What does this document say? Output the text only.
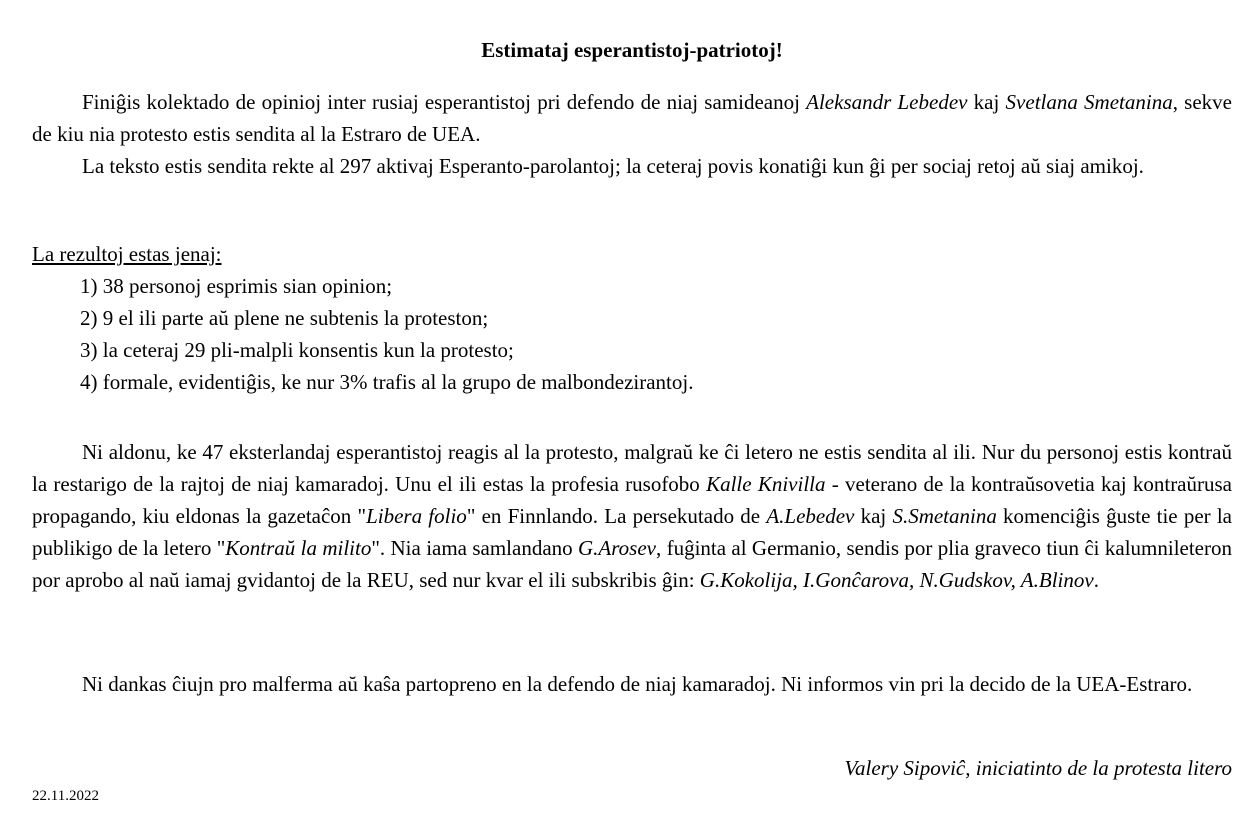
Estimataj esperantistoj-patriotoj!
Finiĝis kolektado de opinioj inter rusiaj esperantistoj pri defendo de niaj samideanoj Aleksandr Lebedev kaj Svetlana Smetanina, sekve de kiu nia protesto estis sendita al la Estraro de UEA.
La teksto estis sendita rekte al 297 aktivaj Esperanto-parolantoj; la ceteraj povis konatiĝi kun ĝi per sociaj retoj aŭ siaj amikoj.
La rezultoj estas jenaj:
1) 38 personoj esprimis sian opinion;
2) 9 el ili parte aŭ plene ne subtenis la proteston;
3) la ceteraj 29 pli-malpli konsentis kun la protesto;
4) formale, evidentiĝis, ke nur 3% trafis al la grupo de malbondezirantoj.
Ni aldonu, ke 47 eksterlandaj esperantistoj reagis al la protesto, malgraŭ ke ĉi letero ne estis sendita al ili. Nur du personoj estis kontraŭ la restarigo de la rajtoj de niaj kamaradoj. Unu el ili estas la profesia rusofobo Kalle Knivilla - veterano de la kontraŭsovetia kaj kontraŭrusa propagando, kiu eldonas la gazetaĉon "Libera folio" en Finnlando. La persekutado de A.Lebedev kaj S.Smetanina komenciĝis ĝuste tie per la publikigo de la letero "Kontraŭ la milito". Nia iama samlandano G.Arosev, fuĝinta al Germanio, sendis por plia graveco tiun ĉi kalumnileteron por aprobo al naŭ iamaj gvidantoj de la REU, sed nur kvar el ili subskribis ĝin: G.Kokolija, I.Gonĉarova, N.Gudskov, A.Blinov.
Ni dankas ĉiujn pro malferma aŭ kaŝa partopreno en la defendo de niaj kamaradoj. Ni informos vin pri la decido de la UEA-Estraro.
Valery Sipoviĉ, iniciatinto de la protesta litero
22.11.2022
